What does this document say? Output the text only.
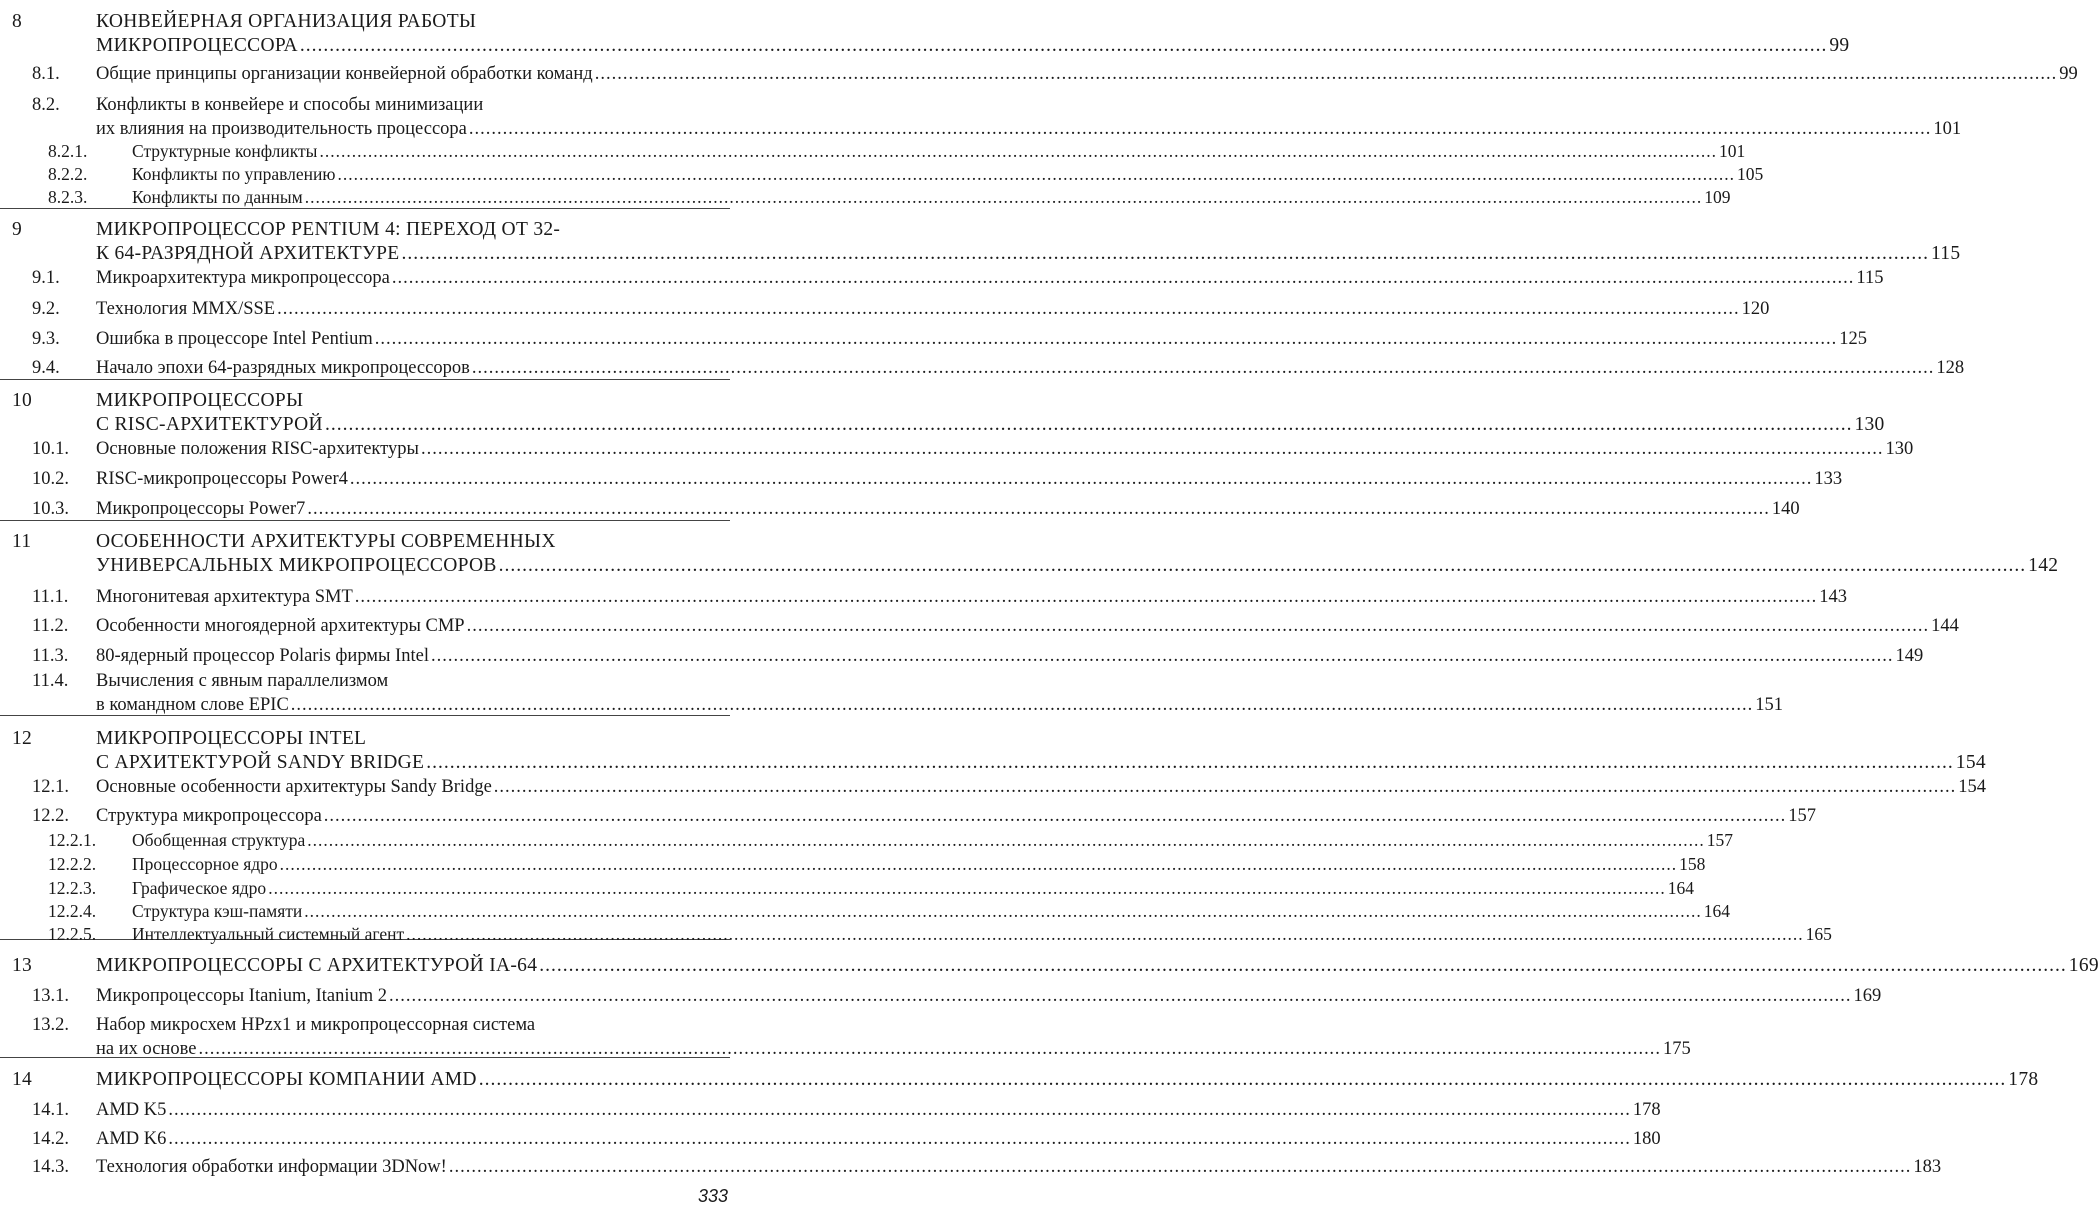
8	КОНВЕЙЕРНАЯ ОРГАНИЗАЦИЯ РАБОТЫ
МИКРОПРОЦЕССОРА .................................................................................................................................................................................................................................................................... 99
8.1. Общие принципы организации конвейерной обработки команд .................................................................................................................................................................................................................................................................... 99
8.2. Конфликты в конвейере и способы минимизации
их влияния на производительность процессора .................................................................................................................................................................................................................................................................... 101
8.2.1.	Структурные конфликты .................................................................................................................................................................................................................................................................... 101
8.2.2.	Конфликты по управлению .................................................................................................................................................................................................................................................................... 105
8.2.3.	Конфликты по данным .................................................................................................................................................................................................................................................................... 109
9	МИКРОПРОЦЕССОР PENTIUM 4: ПЕРЕХОД ОТ 32-
К 64-РАЗРЯДНОЙ АРХИТЕКТУРЕ .................................................................................................................................................................................................................................................................... 115
9.1. Микроархитектура микропроцессора .................................................................................................................................................................................................................................................................... 115
9.2. Технология MMX/SSE .................................................................................................................................................................................................................................................................... 120
9.3. Ошибка в процессоре Intel Pentium .................................................................................................................................................................................................................................................................... 125
9.4. Начало эпохи 64-разрядных микропроцессоров .................................................................................................................................................................................................................................................................... 128
10	МИКРОПРОЦЕССОРЫ
С RISC-АРХИТЕКТУРОЙ .................................................................................................................................................................................................................................................................... 130
10.1. Основные положения RISC-архитектуры .................................................................................................................................................................................................................................................................... 130
10.2. RISC-микропроцессоры Power4 .................................................................................................................................................................................................................................................................... 133
10.3. Микропроцессоры Power7 .................................................................................................................................................................................................................................................................... 140
11	ОСОБЕННОСТИ АРХИТЕКТУРЫ СОВРЕМЕННЫХ
УНИВЕРСАЛЬНЫХ МИКРОПРОЦЕССОРОВ .................................................................................................................................................................................................................................................................... 142
11.1. Многонитевая архитектура SMT .................................................................................................................................................................................................................................................................... 143
11.2. Особенности многоядерной архитектуры CMP .................................................................................................................................................................................................................................................................... 144
11.3. 80-ядерный процессор Polaris фирмы Intel .................................................................................................................................................................................................................................................................... 149
11.4. Вычисления с явным параллелизмом
в командном слове EPIC .................................................................................................................................................................................................................................................................... 151
12	МИКРОПРОЦЕССОРЫ INTEL
С АРХИТЕКТУРОЙ SANDY BRIDGE .................................................................................................................................................................................................................................................................... 154
12.1. Основные особенности архитектуры Sandy Bridge .................................................................................................................................................................................................................................................................... 154
12.2. Структура микропроцессора .................................................................................................................................................................................................................................................................... 157
12.2.1. Обобщенная структура .................................................................................................................................................................................................................................................................... 157
12.2.2. Процессорное ядро .................................................................................................................................................................................................................................................................... 158
12.2.3. Графическое ядро .................................................................................................................................................................................................................................................................... 164
12.2.4. Структура кэш-памяти .................................................................................................................................................................................................................................................................... 164
12.2.5. Интеллектуальный системный агент .................................................................................................................................................................................................................................................................... 165
13	МИКРОПРОЦЕССОРЫ С АРХИТЕКТУРОЙ IA-64 .................................................................................................................................................................................................................................................................... 169
13.1. Микропроцессоры Itanium, Itanium 2 .................................................................................................................................................................................................................................................................... 169
13.2. Набор микросхем HPzx1 и микропроцессорная система
на их основе .................................................................................................................................................................................................................................................................... 175
14	МИКРОПРОЦЕССОРЫ КОМПАНИИ AMD .................................................................................................................................................................................................................................................................... 178
14.1. AMD K5 .................................................................................................................................................................................................................................................................... 178
14.2. AMD K6 .................................................................................................................................................................................................................................................................... 180
14.3. Технология обработки информации 3DNow! .................................................................................................................................................................................................................................................................... 183
333
